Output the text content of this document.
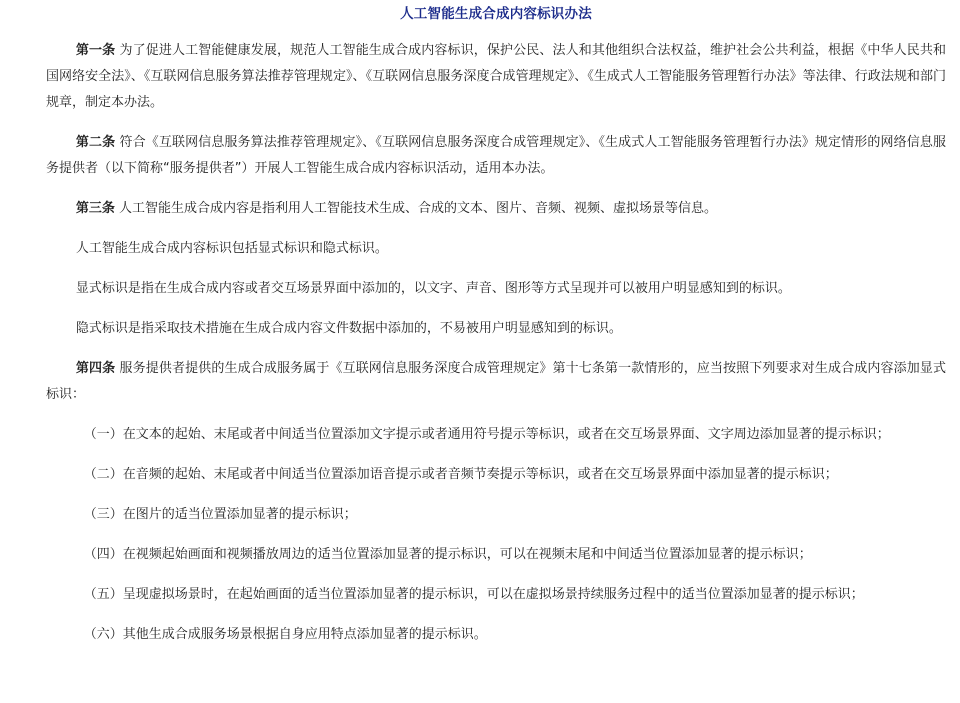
人工智能生成合成内容标识办法

第一条 为了促进人工智能健康发展，规范人工智能生成合成内容标识，保护公民、法人和其他组织合法权益，维护社会公共利益，根据《中华人民共和国网络安全法》、《互联网信息服务算法推荐管理规定》、《互联网信息服务深度合成管理规定》、《生成式人工智能服务管理暂行办法》等法律、行政法规和部门规章，制定本办法。

第二条 符合《互联网信息服务算法推荐管理规定》、《互联网信息服务深度合成管理规定》、《生成式人工智能服务管理暂行办法》规定情形的网络信息服务提供者（以下简称“服务提供者”）开展人工智能生成合成内容标识活动，适用本办法。

第三条 人工智能生成合成内容是指利用人工智能技术生成、合成的文本、图片、音频、视频、虚拟场景等信息。

人工智能生成合成内容标识包括显式标识和隐式标识。

显式标识是指在生成合成内容或者交互场景界面中添加的，以文字、声音、图形等方式呈现并可以被用户明显感知到的标识。

隐式标识是指采取技术措施在生成合成内容文件数据中添加的，不易被用户明显感知到的标识。

第四条 服务提供者提供的生成合成服务属于《互联网信息服务深度合成管理规定》第十七条第一款情形的，应当按照下列要求对生成合成内容添加显式标识：

（一）在文本的起始、末尾或者中间适当位置添加文字提示或者通用符号提示等标识，或者在交互场景界面、文字周边添加显著的提示标识；

（二）在音频的起始、末尾或者中间适当位置添加语音提示或者音频节奏提示等标识，或者在交互场景界面中添加显著的提示标识；

（三）在图片的适当位置添加显著的提示标识；

（四）在视频起始画面和视频播放周边的适当位置添加显著的提示标识，可以在视频末尾和中间适当位置添加显著的提示标识；

（五）呈现虚拟场景时，在起始画面的适当位置添加显著的提示标识，可以在虚拟场景持续服务过程中的适当位置添加显著的提示标识；

（六）其他生成合成服务场景根据自身应用特点添加显著的提示标识。
